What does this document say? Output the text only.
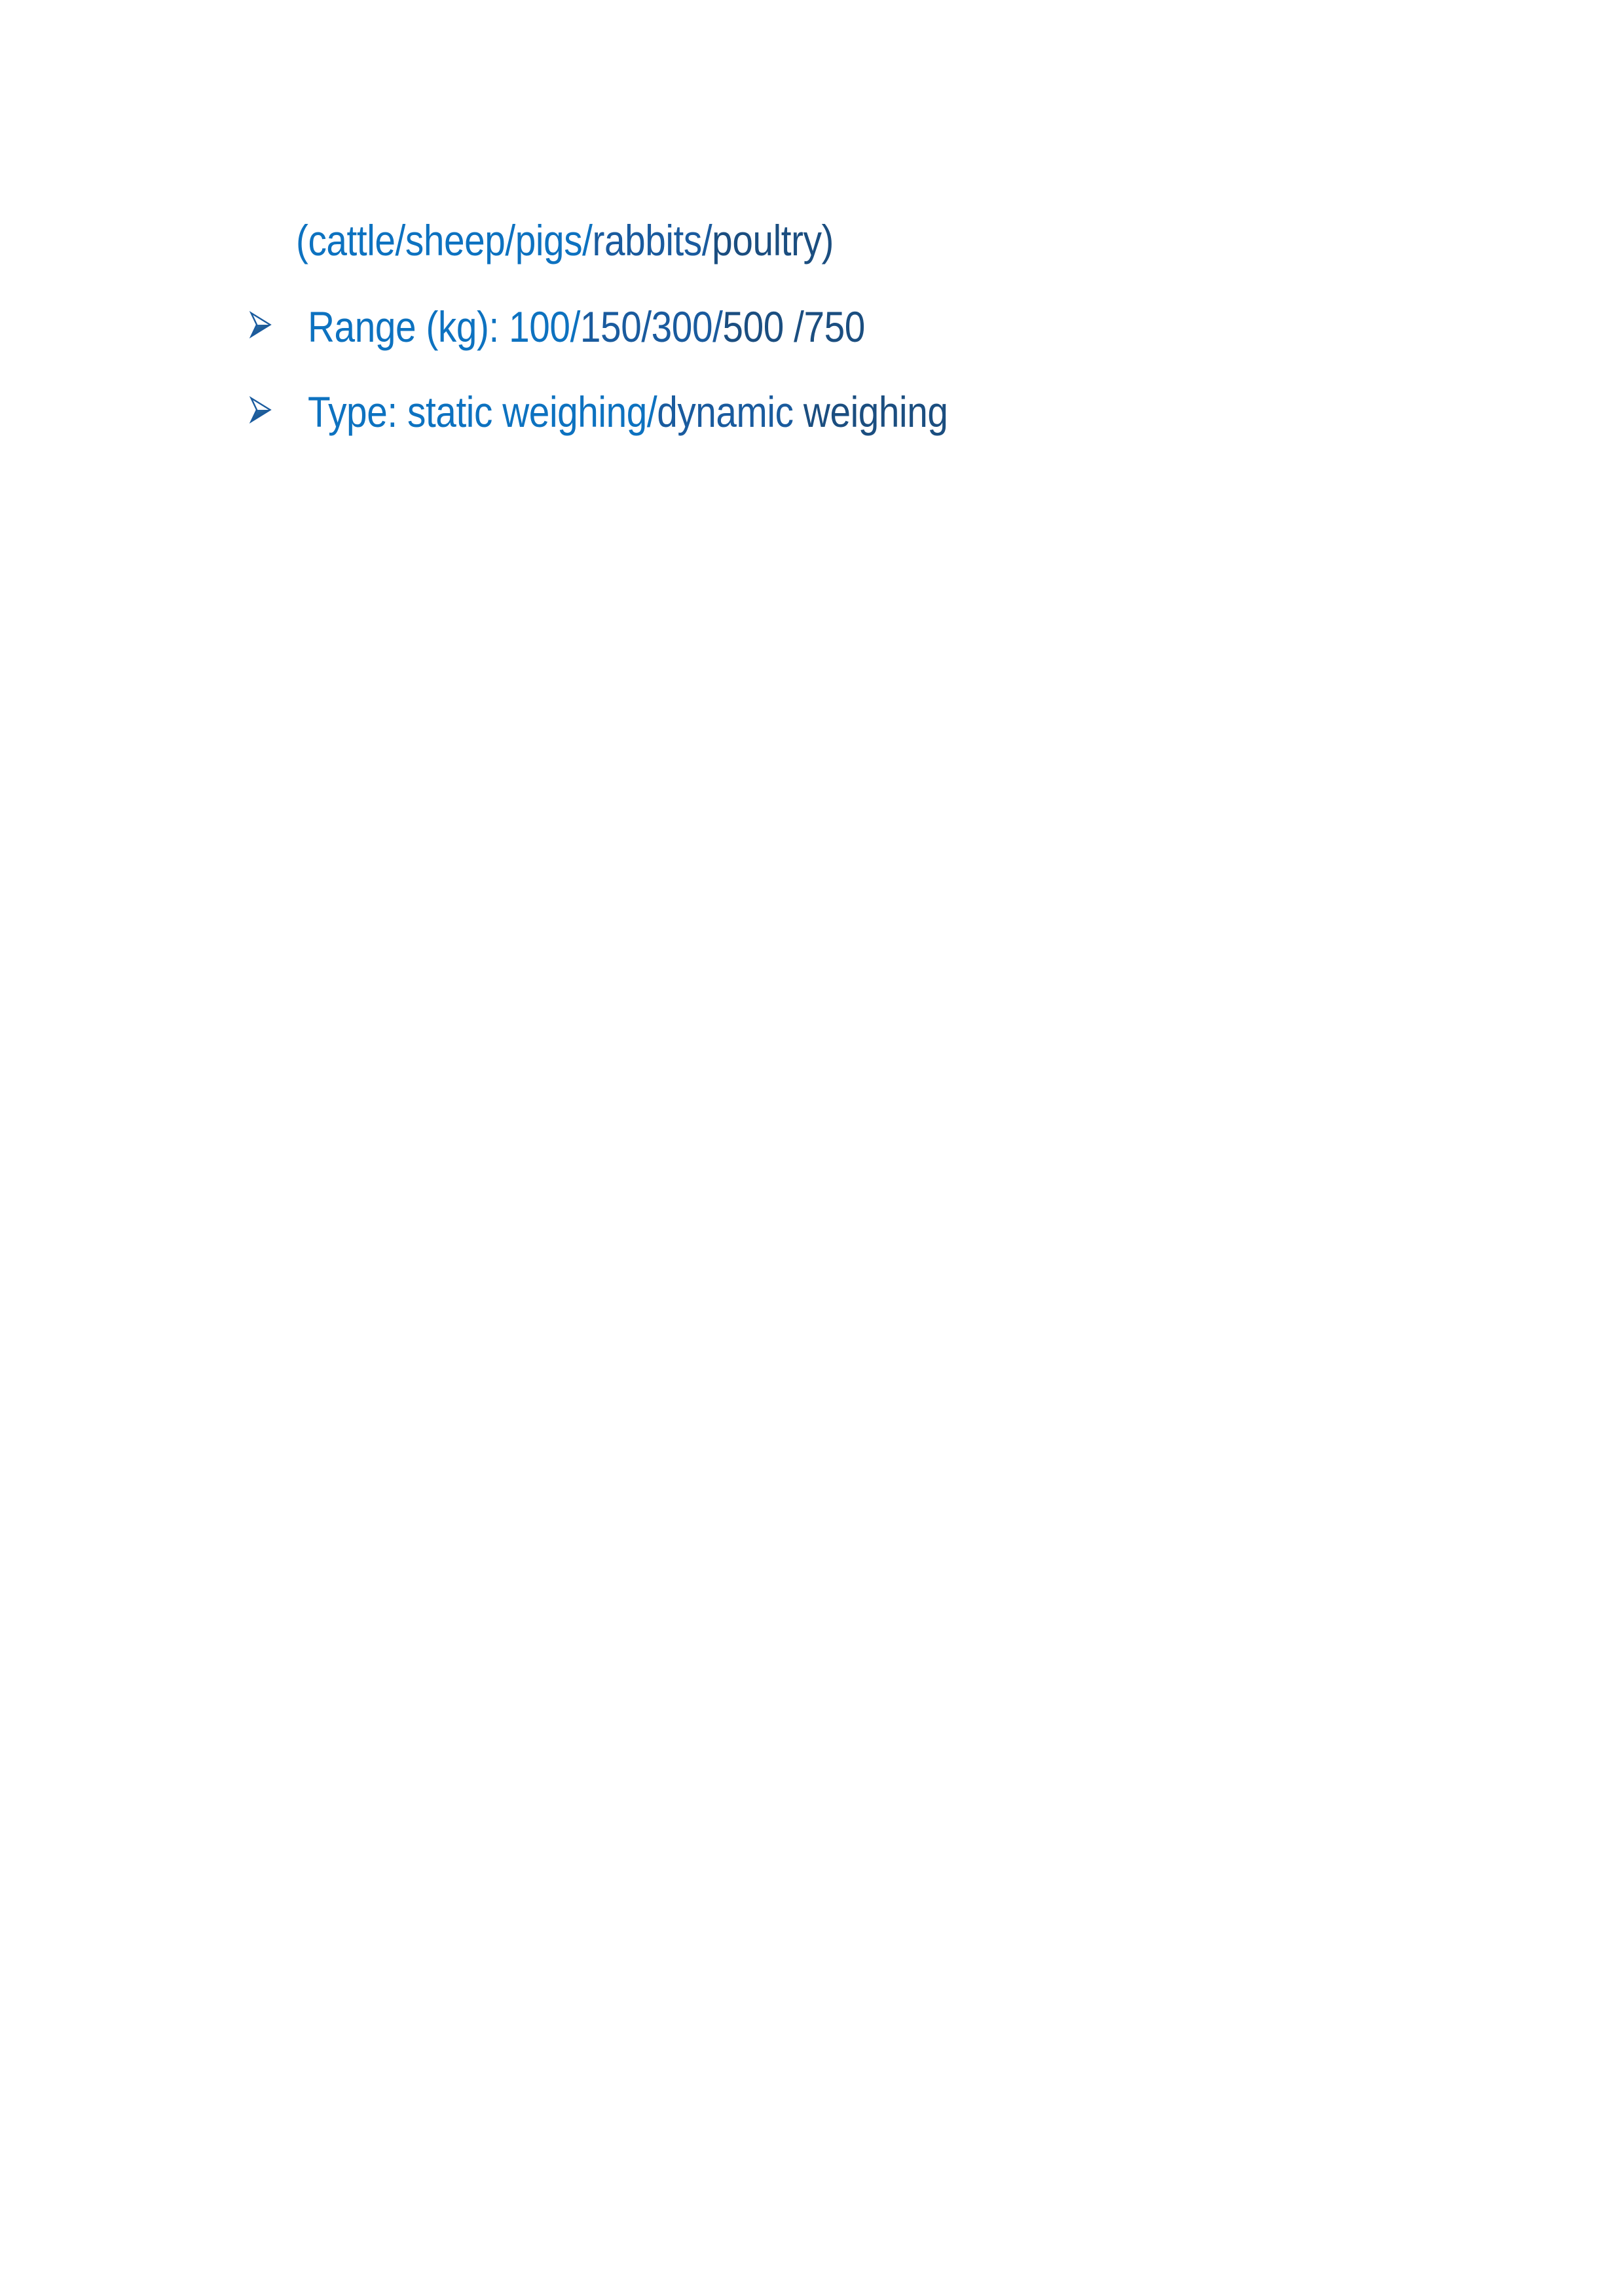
(cattle/sheep/pigs/rabbits/poultry)
Range (kg): 100/150/300/500 /750
Type: static weighing/dynamic weighing
